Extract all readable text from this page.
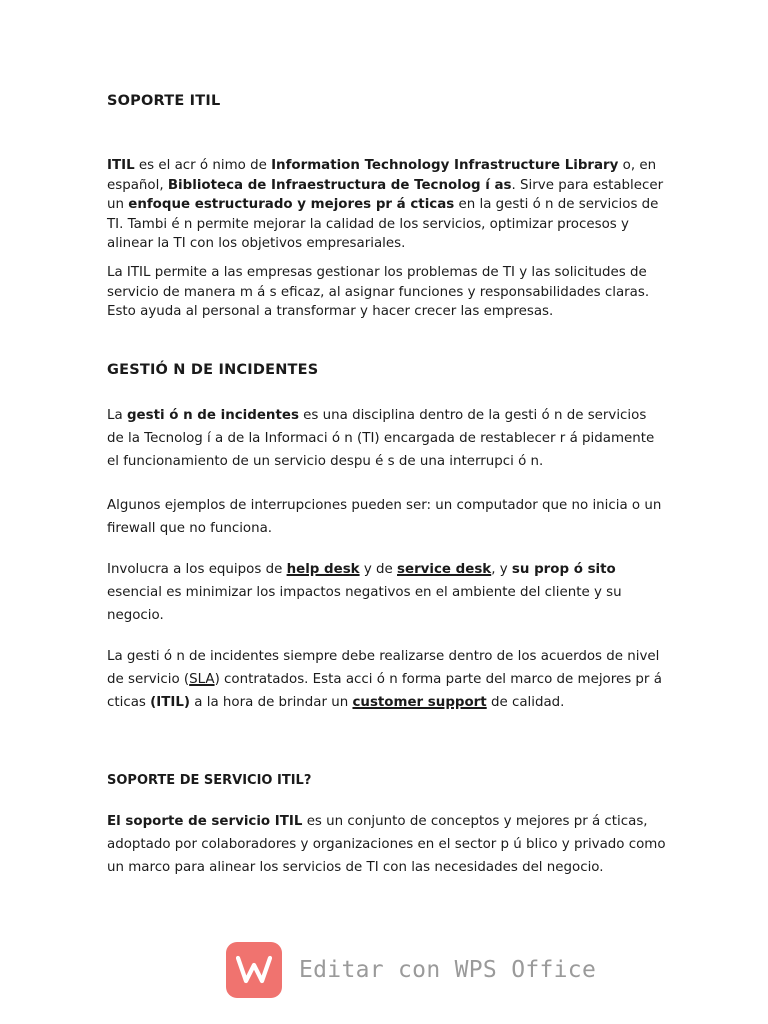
SOPORTE ITIL
ITIL es el acr ó nimo de Information Technology Infrastructure Library o, en español, Biblioteca de Infraestructura de Tecnolog í as. Sirve para establecer un enfoque estructurado y mejores pr á cticas en la gesti ó n de servicios de TI. Tambi é n permite mejorar la calidad de los servicios, optimizar procesos y alinear la TI con los objetivos empresariales.
La ITIL permite a las empresas gestionar los problemas de TI y las solicitudes de servicio de manera m á s eficaz, al asignar funciones y responsabilidades claras. Esto ayuda al personal a transformar y hacer crecer las empresas.
GESTIÓ N DE INCIDENTES
La gesti ó n de incidentes es una disciplina dentro de la gesti ó n de servicios de la Tecnolog í a de la Informaci ó n (TI) encargada de restablecer r á pidamente el funcionamiento de un servicio despu é s de una interrupci ó n.
Algunos ejemplos de interrupciones pueden ser: un computador que no inicia o un firewall que no funciona.
Involucra a los equipos de help desk y de service desk, y su prop ó sito esencial es minimizar los impactos negativos en el ambiente del cliente y su negocio.
La gesti ó n de incidentes siempre debe realizarse dentro de los acuerdos de nivel de servicio (SLA) contratados. Esta acci ó n forma parte del marco de mejores pr á cticas (ITIL) a la hora de brindar un customer support de calidad.
SOPORTE DE SERVICIO ITIL?
El soporte de servicio ITIL es un conjunto de conceptos y mejores pr á cticas, adoptado por colaboradores y organizaciones en el sector p ú blico y privado como un marco para alinear los servicios de TI con las necesidades del negocio.
Editar con WPS Office
